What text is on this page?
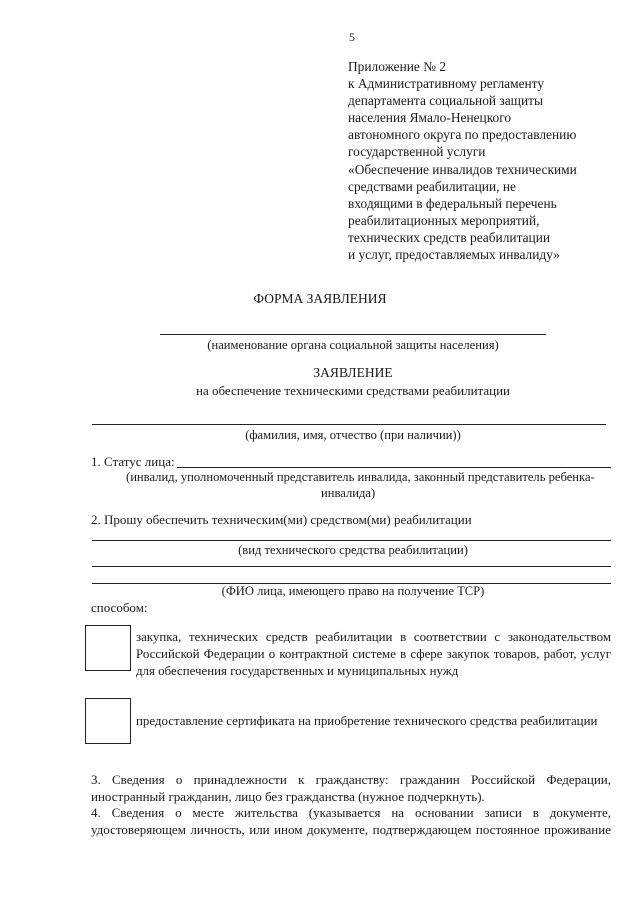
5
Приложение № 2
к Административному регламенту
департамента социальной защиты
населения Ямало-Ненецкого
автономного округа по предоставлению
государственной услуги
«Обеспечение инвалидов техническими
средствами реабилитации, не
входящими в федеральный перечень
реабилитационных мероприятий,
технических средств реабилитации
и услуг, предоставляемых инвалиду»
ФОРМА ЗАЯВЛЕНИЯ
(наименование органа социальной защиты населения)
ЗАЯВЛЕНИЕ
на обеспечение техническими средствами реабилитации
(фамилия, имя, отчество (при наличии))
1. Статус лица:
(инвалид, уполномоченный представитель инвалида, законный представитель ребенка-
инвалида)
2. Прошу обеспечить техническим(ми) средством(ми) реабилитации
(вид технического средства реабилитации)
(ФИО лица, имеющего право на получение ТСР)
способом:
закупка, технических средств реабилитации в соответствии с законодательством
Российской Федерации о контрактной системе в сфере закупок товаров, работ, услуг
для обеспечения государственных и муниципальных нужд
предоставление сертификата на приобретение технического средства реабилитации
3. Сведения о принадлежности к гражданству: гражданин Российской Федерации,
иностранный гражданин, лицо без гражданства (нужное подчеркнуть).
4. Сведения о месте жительства (указывается на основании записи в документе,
удостоверяющем личность, или ином документе, подтверждающем постоянное проживание
